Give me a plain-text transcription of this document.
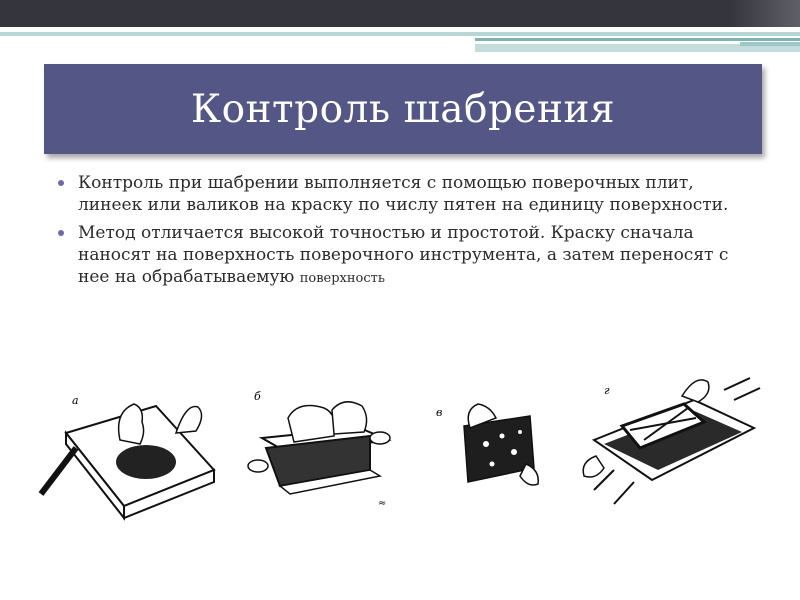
Контроль шабрения
Контроль при шабрении выполняется с помощью поверочных плит, линеек или валиков на краску по числу пятен на единицу поверхности.
Метод отличается высокой точностью и простотой. Краску сначала наносят на поверхность поверочного инструмента, а затем переносят с нее на обрабатываемую поверхность
а	б
≈
в
г
